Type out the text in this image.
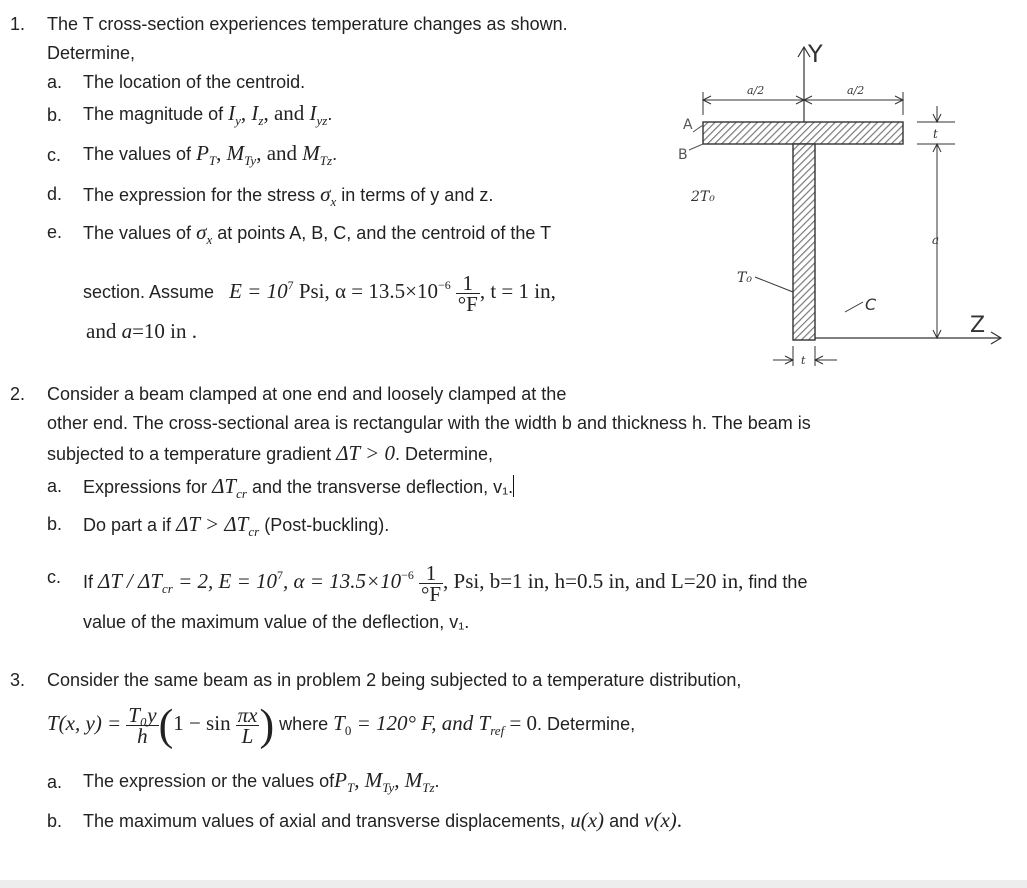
1. The T cross-section experiences temperature changes as shown.
Determine,
a. The location of the centroid.
b. The magnitude of $I_y$, $I_z$, and $I_{yz}$.
c. The values of $P_T$, $M_{Ty}$, and $M_{Tz}$.
d. The expression for the stress $\sigma_x$ in terms of y and z.
e. The values of $\sigma_x$ at points A, B, C, and the centroid of the T
section. Assume $E = 10^7$ Psi, $\alpha = 13.5\times 10^{-6} \frac{1}{^\circ F}$ , t = 1 in,
and a=10 in .
Y
a/2	a/2
t
a
Z
A
B
2T₀
T₀
C
t
2. Consider a beam clamped at one end and loosely clamped at the
other end. The cross-sectional area is rectangular with the width b and thickness h. The beam is
subjected to a temperature gradient ΔT > 0. Determine,
a. Expressions for $\Delta T_{cr}$ and the transverse deflection, v₁.
b. Do part a if $\Delta T > \Delta T_{cr}$ (Post-buckling).
c. If $\Delta T / \Delta T_{cr} = 2$, $E = 10^7$, $\alpha = 13.5\times 10^{-6} \frac{1}{^\circ F}$ , Psi, b=1 in, h=0.5 in, and L=20 in, find the
value of the maximum value of the deflection, v₁.
3. Consider the same beam as in problem 2 being subjected to a temperature distribution,
T(x, $y) = \frac{\text{T₀y}}{h} (1 - \sin \frac{\pi x}{L}$ ) where $T_0 = 120^\circ$ F, and $T_{ref} = 0$. Determine,
a. The expression or the values ofP$_T$, $M_{Ty}$, $M_{Tz}$.
b. The maximum values of axial and transverse displacements, u(x) and v(x).
